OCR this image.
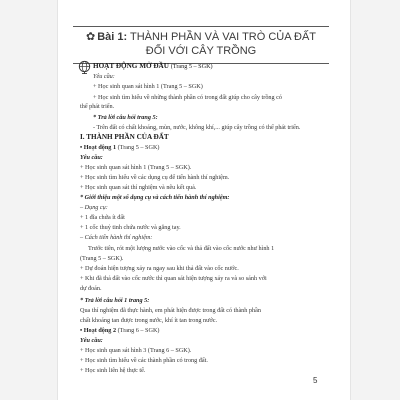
✿ Bài 1: THÀNH PHẦN VÀ VAI TRÒ CỦA ĐẤT
ĐỐI VỚI CÂY TRỒNG
HOẠT ĐỘNG MỞ ĐẦU (Trang 5 – SGK)
Yêu cầu:
+ Học sinh quan sát hình 1 (Trang 5 – SGK)
+ Học sinh tìm hiểu về những thành phần có trong đất giúp cho cây trồng có
thể phát triển.
* Trả lời câu hỏi trang 5:
- Trên đất có chất khoáng, mùn, nước, không khí,... giúp cây trồng có thể phát triển.
I. THÀNH PHẦN CỦA ĐẤT
• Hoạt động 1 (Trang 5 – SGK)
Yêu cầu:
+ Học sinh quan sát hình 1 (Trang 5 – SGK).
+ Học sinh tìm hiểu về các dụng cụ để tiến hành thí nghiệm.
+ Học sinh quan sát thí nghiệm và nêu kết quả.
* Giới thiệu một số dụng cụ và cách tiến hành thí nghiệm:
– Dụng cụ:
+ 1 đĩa chứa ít đất
+ 1 cốc thuỷ tinh chứa nước và găng tay.
– Cách tiến hành thí nghiệm:
Trước tiên, rót một lượng nước vào cốc và thả đất vào cốc nước như hình 1
(Trang 5 – SGK).
+ Dự đoán hiện tượng xảy ra ngay sau khi thả đất vào cốc nước.
+ Khi đã thả đất vào cốc nước thì quan sát hiện tượng xảy ra và so sánh với
dự đoán.
* Trả lời câu hỏi 1 trang 5:
Qua thí nghiệm đã thực hành, em phát hiện được trong đất có thành phần
chất khoáng tan được trong nước, khí ít tan trong nước.
• Hoạt động 2 (Trang 6 – SGK)
Yêu cầu:
+ Học sinh quan sát hình 3 (Trang 6 – SGK).
+ Học sinh tìm hiểu về các thành phần có trong đất.
+ Học sinh liên hệ thực tế.
5
